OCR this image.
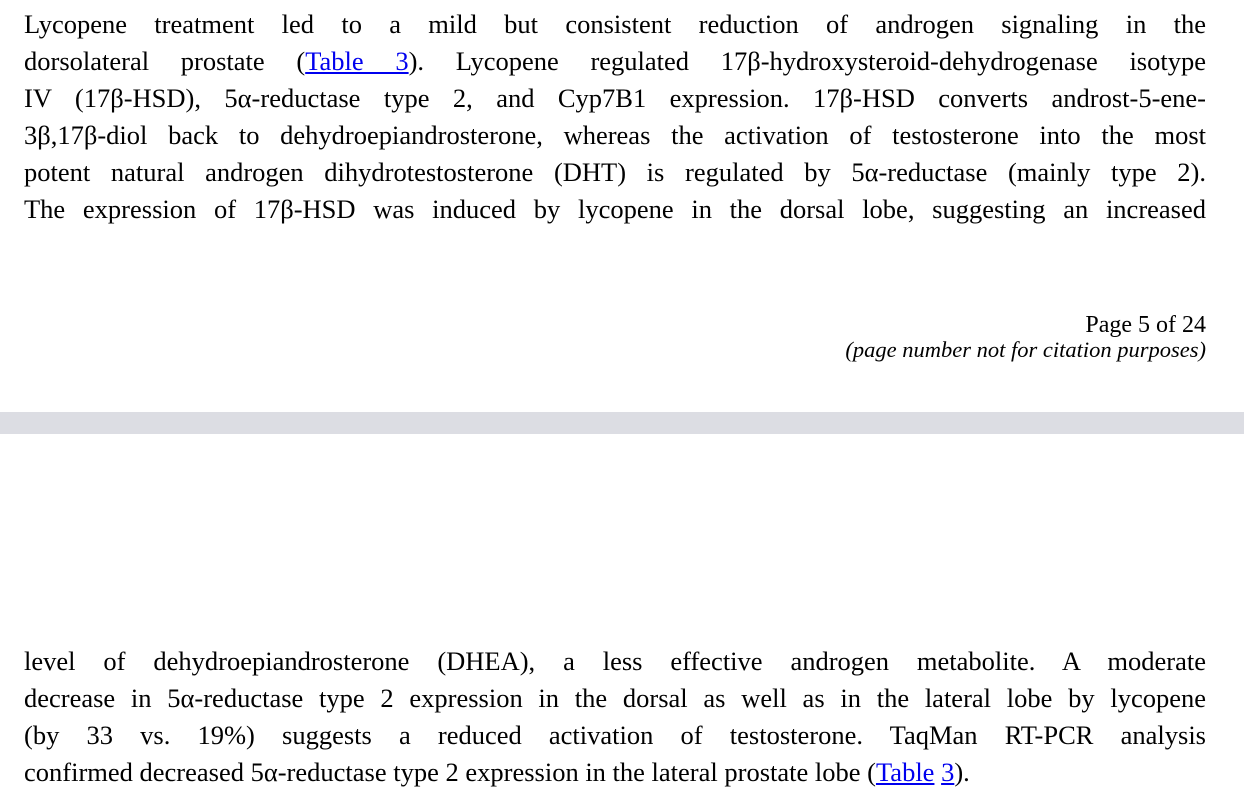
Lycopene treatment led to a mild but consistent reduction of androgen signaling in the
dorsolateral prostate (Table 3). Lycopene regulated 17β-hydroxysteroid-dehydrogenase isotype
IV (17β-HSD), 5α-reductase type 2, and Cyp7B1 expression. 17β-HSD converts androst-5-ene-
3β,17β-diol back to dehydroepiandrosterone, whereas the activation of testosterone into the most
potent natural androgen dihydrotestosterone (DHT) is regulated by 5α-reductase (mainly type 2).
The expression of 17β-HSD was induced by lycopene in the dorsal lobe, suggesting an increased

Page 5 of 24
(page number not for citation purposes)

level of dehydroepiandrosterone (DHEA), a less effective androgen metabolite. A moderate
decrease in 5α-reductase type 2 expression in the dorsal as well as in the lateral lobe by lycopene
(by 33 vs. 19%) suggests a reduced activation of testosterone. TaqMan RT-PCR analysis
confirmed decreased 5α-reductase type 2 expression in the lateral prostate lobe (Table 3).
